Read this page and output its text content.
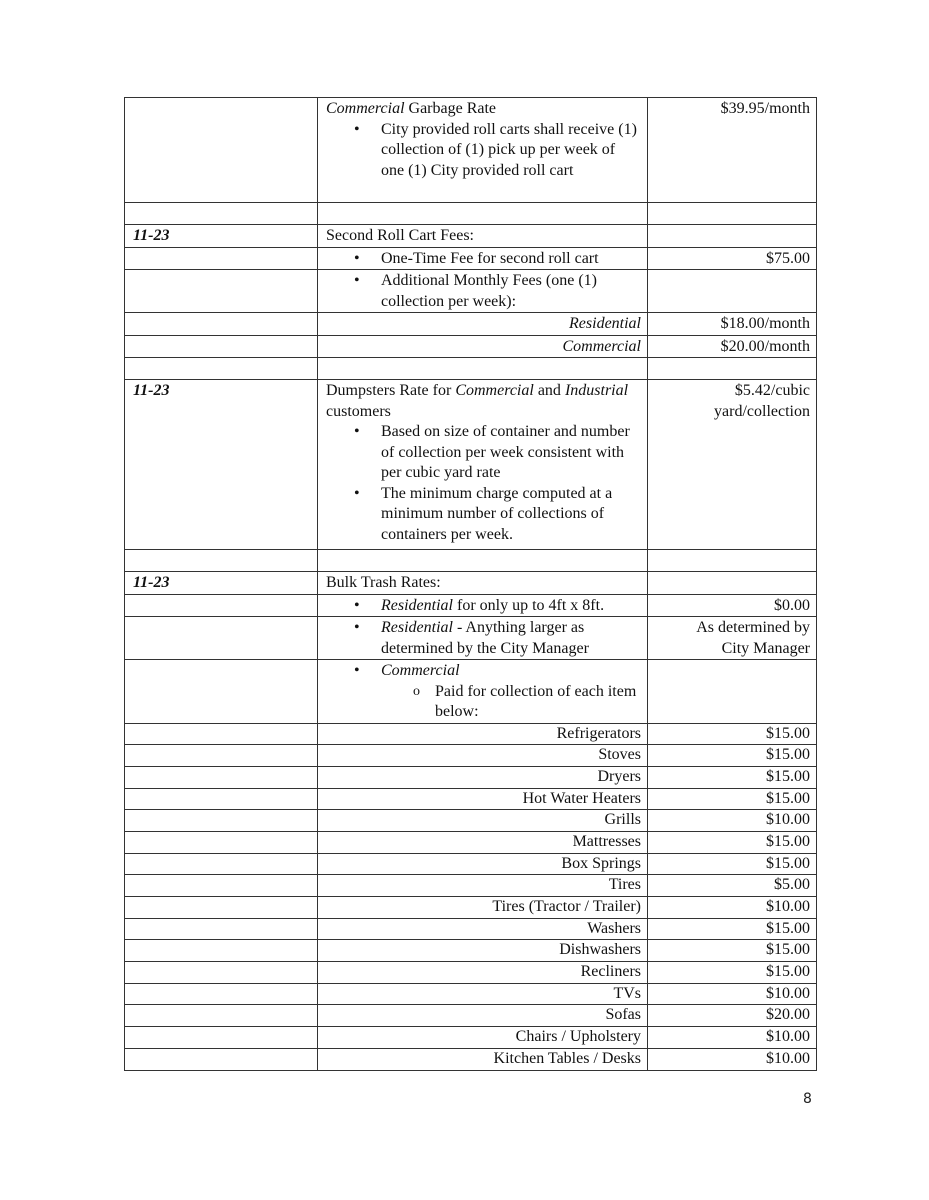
	Commercial Garbage Rate
• City provided roll carts shall receive (1) collection of (1) pick up per week of one (1) City provided roll cart
	$39.95/month

11-23	Second Roll Cart Fees:	

• One-Time Fee for second roll cart	$75.00

• Additional Monthly Fees (one (1) collection per week):

	Residential	$18.00/month
	Commercial	$20.00/month

11-23	Dumpsters Rate for Commercial and Industrial customers
• Based on size of container and number of collection per week consistent with per cubic yard rate
• The minimum charge computed at a minimum number of collections of containers per week.
	$5.42/cubic yard/collection

11-23	Bulk Trash Rates:	

• Residential for only up to 4ft x 8ft.	$0.00

• Residential - Anything larger as determined by the City Manager
	As determined by City Manager

• Commercial
o Paid for collection of each item below:

	Refrigerators	$15.00
	Stoves	$15.00
	Dryers	$15.00
	Hot Water Heaters	$15.00
	Grills	$10.00
	Mattresses	$15.00
	Box Springs	$15.00
	Tires	$5.00
	Tires (Tractor / Trailer)	$10.00
	Washers	$15.00
	Dishwashers	$15.00
	Recliners	$15.00
	TVs	$10.00
	Sofas	$20.00
	Chairs / Upholstery	$10.00
	Kitchen Tables / Desks	$10.00
8
